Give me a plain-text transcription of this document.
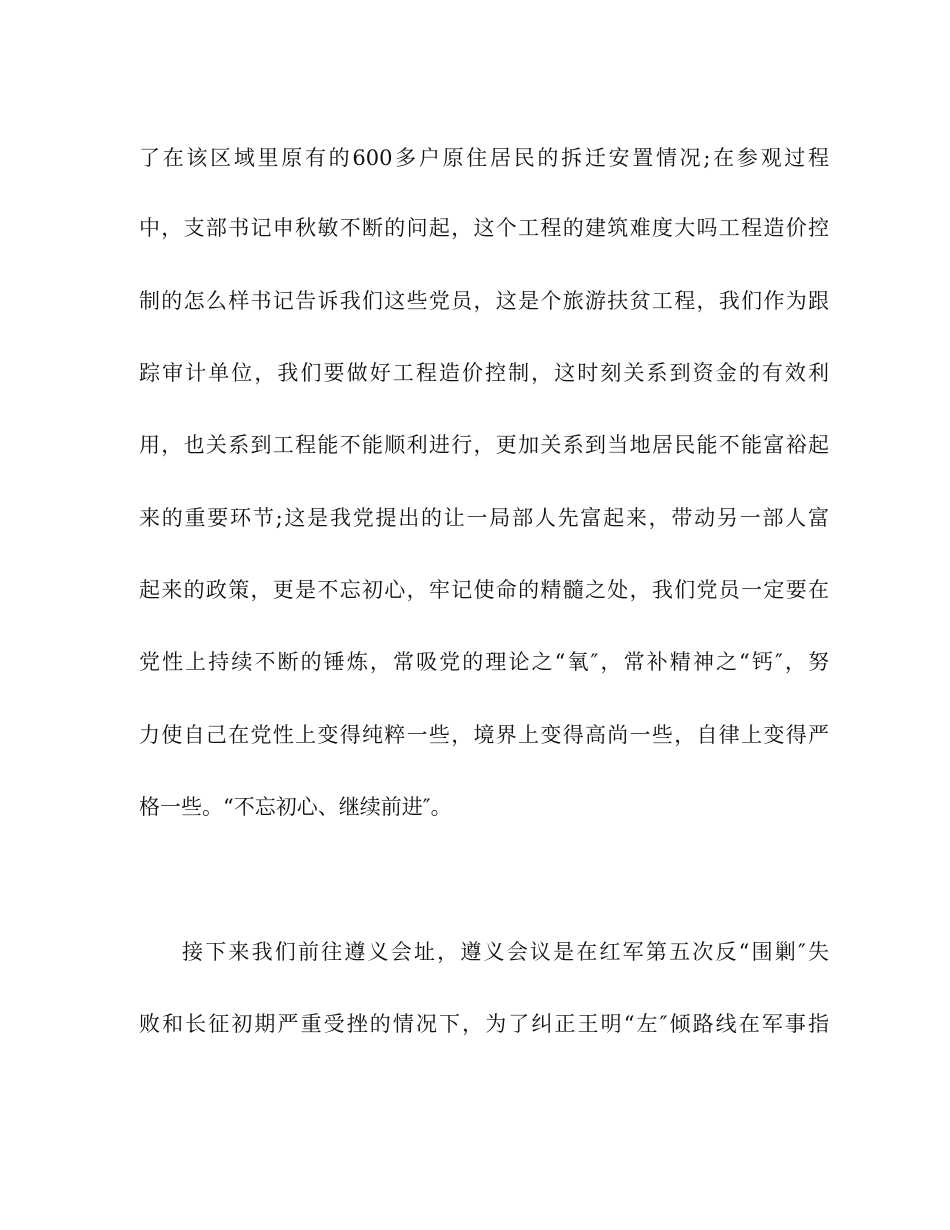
了在该区域里原有的600多户原住居民的拆迁安置情况;在参观过程
中，支部书记申秋敏不断的问起，这个工程的建筑难度大吗工程造价控
制的怎么样书记告诉我们这些党员，这是个旅游扶贫工程，我们作为跟
踪审计单位，我们要做好工程造价控制，这时刻关系到资金的有效利
用，也关系到工程能不能顺利进行，更加关系到当地居民能不能富裕起
来的重要环节;这是我党提出的让一局部人先富起来，带动另一部人富
起来的政策，更是不忘初心，牢记使命的精髓之处，我们党员一定要在
党性上持续不断的锤炼，常吸党的理论之“氧″，常补精神之“钙″，努
力使自己在党性上变得纯粹一些，境界上变得高尚一些，自律上变得严
格一些。“不忘初心、继续前进″。
接下来我们前往遵义会址，遵义会议是在红军第五次反“围剿″失
败和长征初期严重受挫的情况下，为了纠正王明“左″倾路线在军事指
